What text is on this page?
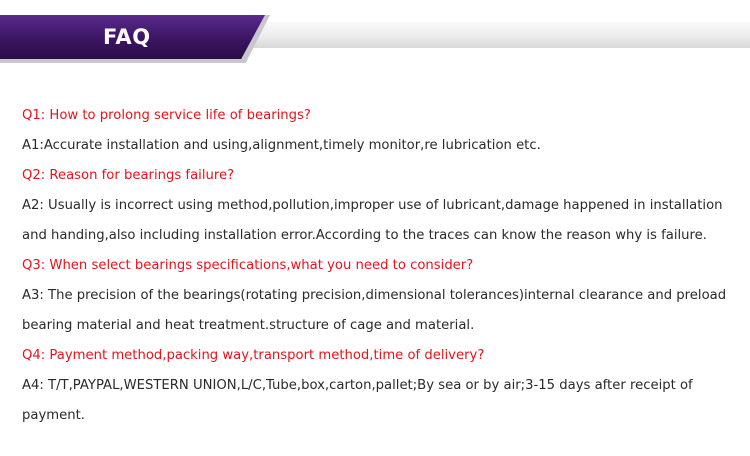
FAQ

Q1: How to prolong service life of bearings?

A1:Accurate installation and using,alignment,timely monitor,re lubrication etc.

Q2: Reason for bearings failure?

A2: Usually is incorrect using method,pollution,improper use of lubricant,damage happened in installation

and handing,also including installation error.According to the traces can know the reason why is failure.

Q3: When select bearings specifications,what you need to consider?

A3: The precision of the bearings(rotating precision,dimensional tolerances)internal clearance and preload

bearing material and heat treatment.structure of cage and material.

Q4: Payment method,packing way,transport method,time of delivery?

A4: T/T,PAYPAL,WESTERN UNION,L/C,Tube,box,carton,pallet;By sea or by air;3-15 days after receipt of

payment.
